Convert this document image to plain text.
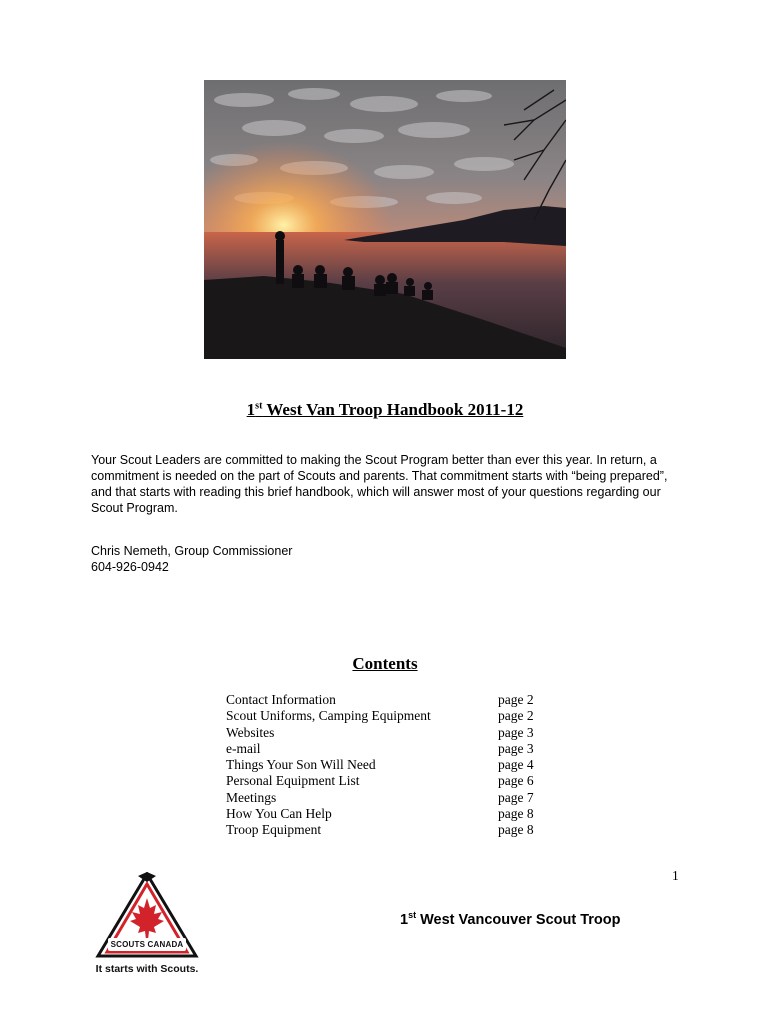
1st West Van Troop Handbook 2011-12
Your Scout Leaders are committed to making the Scout Program better than ever this year. In return, a commitment is needed on the part of Scouts and parents. That commitment starts with “being prepared”, and that starts with reading this brief handbook, which will answer most of your questions regarding our Scout Program.
Chris Nemeth, Group Commissioner
604-926-0942
Contents
Contact Information	page 2
Scout Uniforms, Camping Equipment	page 2
Websites	page 3
e-mail	page 3
Things Your Son Will Need	page 4
Personal Equipment List	page 6
Meetings	page 7
How You Can Help	page 8
Troop Equipment	page 8
1
SCOUTS CANADA
It starts with Scouts.
1st West Vancouver Scout Troop
